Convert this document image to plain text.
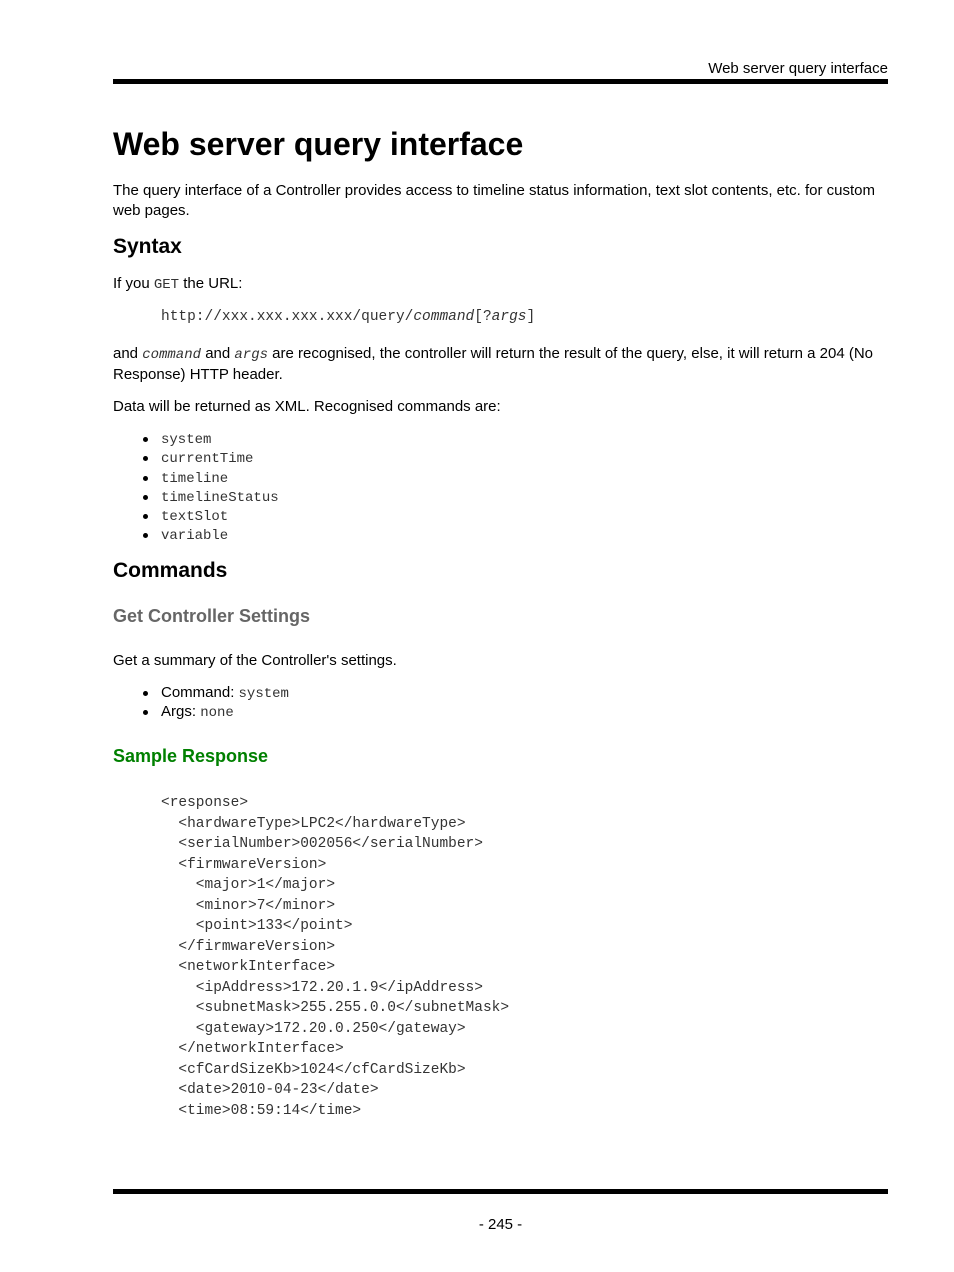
Web server query interface
Web server query interface
The query interface of a Controller provides access to timeline status information, text slot contents, etc. for custom web pages.
Syntax
If you GET the URL:
http://xxx.xxx.xxx.xxx/query/command[?args]
and command and args are recognised, the controller will return the result of the query, else, it will return a 204 (No Response) HTTP header.
Data will be returned as XML. Recognised commands are:
system
currentTime
timeline
timelineStatus
textSlot
variable
Commands
Get Controller Settings
Get a summary of the Controller's settings.
Command: system
Args: none
Sample Response
<response>
<hardwareType>LPC2</hardwareType>
<serialNumber>002056</serialNumber>
<firmwareVersion>
<major>1</major>
<minor>7</minor>
<point>133</point>
</firmwareVersion>
<networkInterface>
<ipAddress>172.20.1.9</ipAddress>
<subnetMask>255.255.0.0</subnetMask>
<gateway>172.20.0.250</gateway>
</networkInterface>
<cfCardSizeKb>1024</cfCardSizeKb>
<date>2010-04-23</date>
<time>08:59:14</time>
- 245 -
